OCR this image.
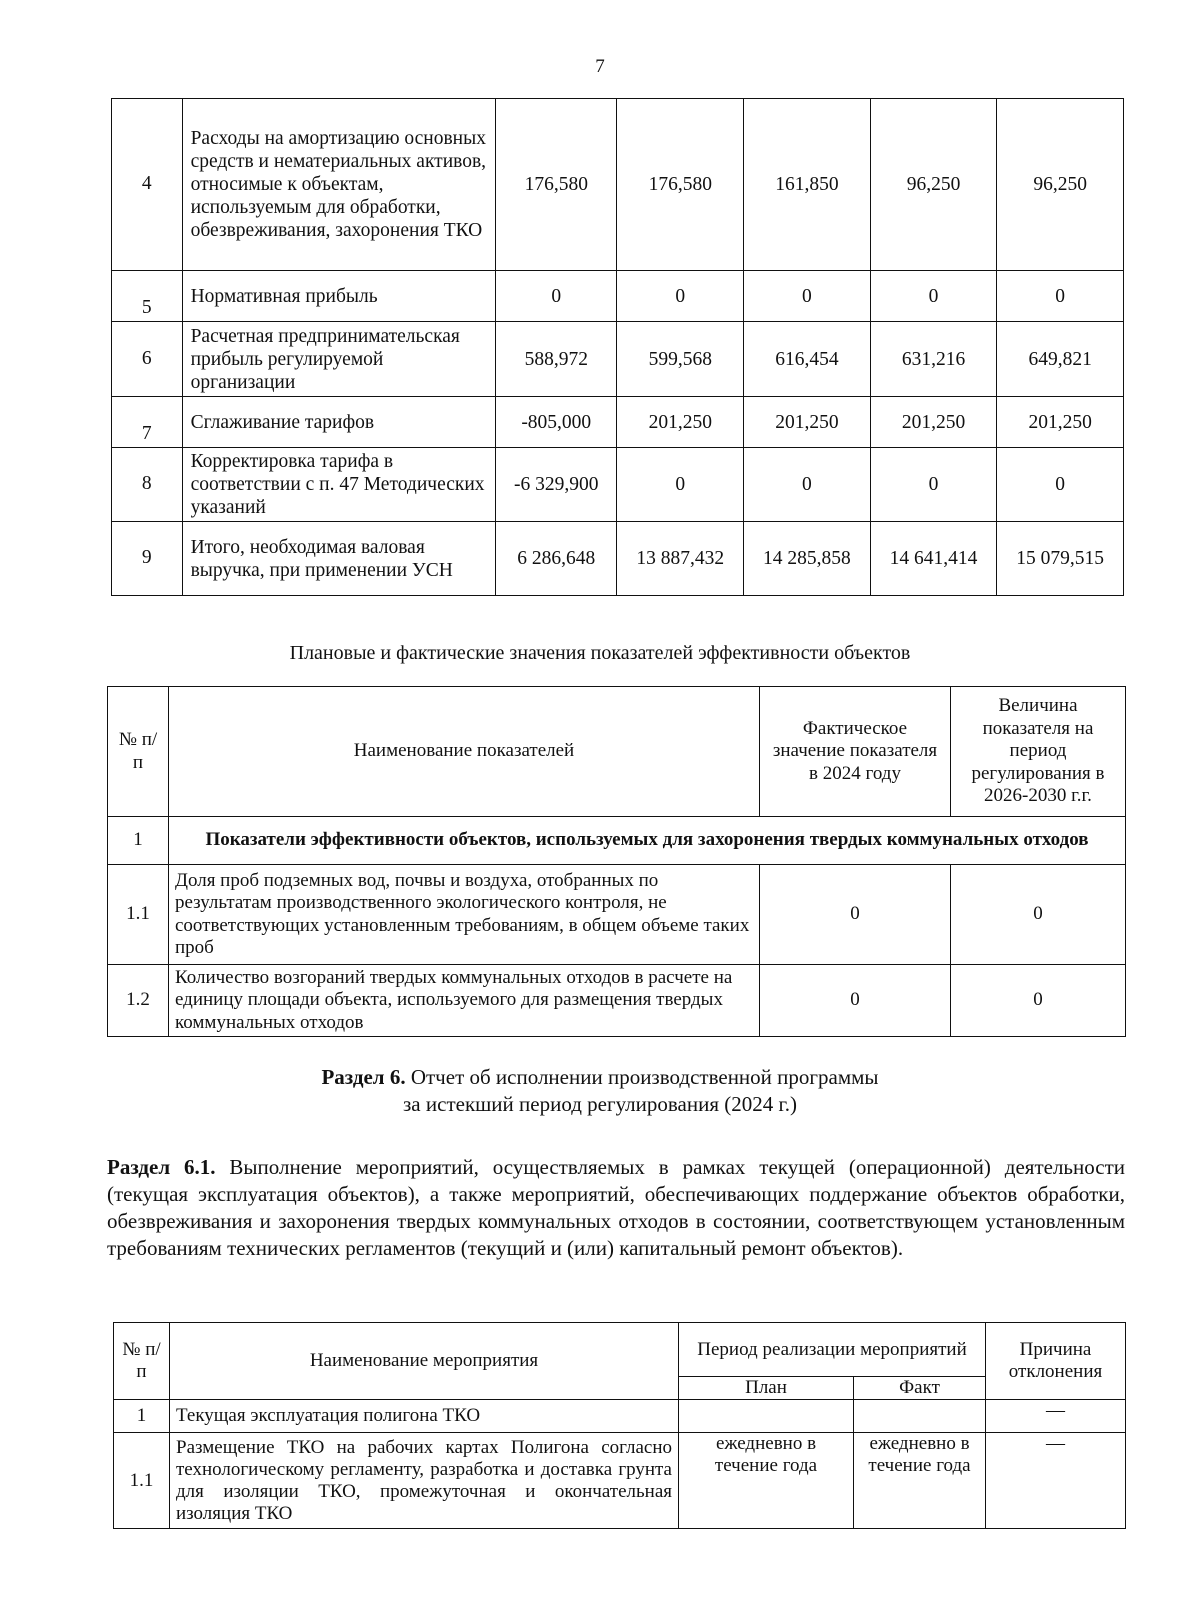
7
4	Расходы на амортизацию основных средств и нематериальных активов, относимые к объектам, используемым для обработки, обезвреживания, захоронения ТКО	176,580	176,580	161,850	96,250	96,250
5	Нормативная прибыль	0	0	0	0	0
6	Расчетная предпринимательская прибыль регулируемой организации	588,972	599,568	616,454	631,216	649,821
7	Сглаживание тарифов	-805,000	201,250	201,250	201,250	201,250
8	Корректировка тарифа в соответствии с п. 47 Методических указаний	-6 329,900	0	0	0	0
9	Итого, необходимая валовая выручка, при применении УСН	6 286,648	13 887,432	14 285,858	14 641,414	15 079,515
Плановые и фактические значения показателей эффективности объектов
№ п/п	Наименование показателей	Фактическое значение показателя в 2024 году	Величина показателя на период регулирования в 2026-2030 г.г.
1	Показатели эффективности объектов, используемых для захоронения твердых коммунальных отходов		
1.1	Доля проб подземных вод, почвы и воздуха, отобранных по результатам производственного экологического контроля, не соответствующих установленным требованиям, в общем объеме таких проб	0	0
1.2	Количество возгораний твердых коммунальных отходов в расчете на единицу площади объекта, используемого для размещения твердых коммунальных отходов	0	0
Раздел 6. Отчет об исполнении производственной программы
за истекший период регулирования (2024 г.)
Раздел 6.1. Выполнение мероприятий, осуществляемых в рамках текущей (операционной) деятельности (текущая эксплуатация объектов), а также мероприятий, обеспечивающих поддержание объектов обработки, обезвреживания и захоронения твердых коммунальных отходов в состоянии, соответствующем установленным требованиям технических регламентов (текущий и (или) капитальный ремонт объектов).
№ п/п	Наименование мероприятия	Период реализации мероприятий		Причина отклонения
		План	Факт	
1	Текущая эксплуатация полигона ТКО			—
1.1	Размещение ТКО на рабочих картах Полигона согласно технологическому регламенту, разработка и доставка грунта для изоляции ТКО, промежуточная и окончательная изоляция ТКО	ежедневно в течение года	ежедневно в течение года	—
